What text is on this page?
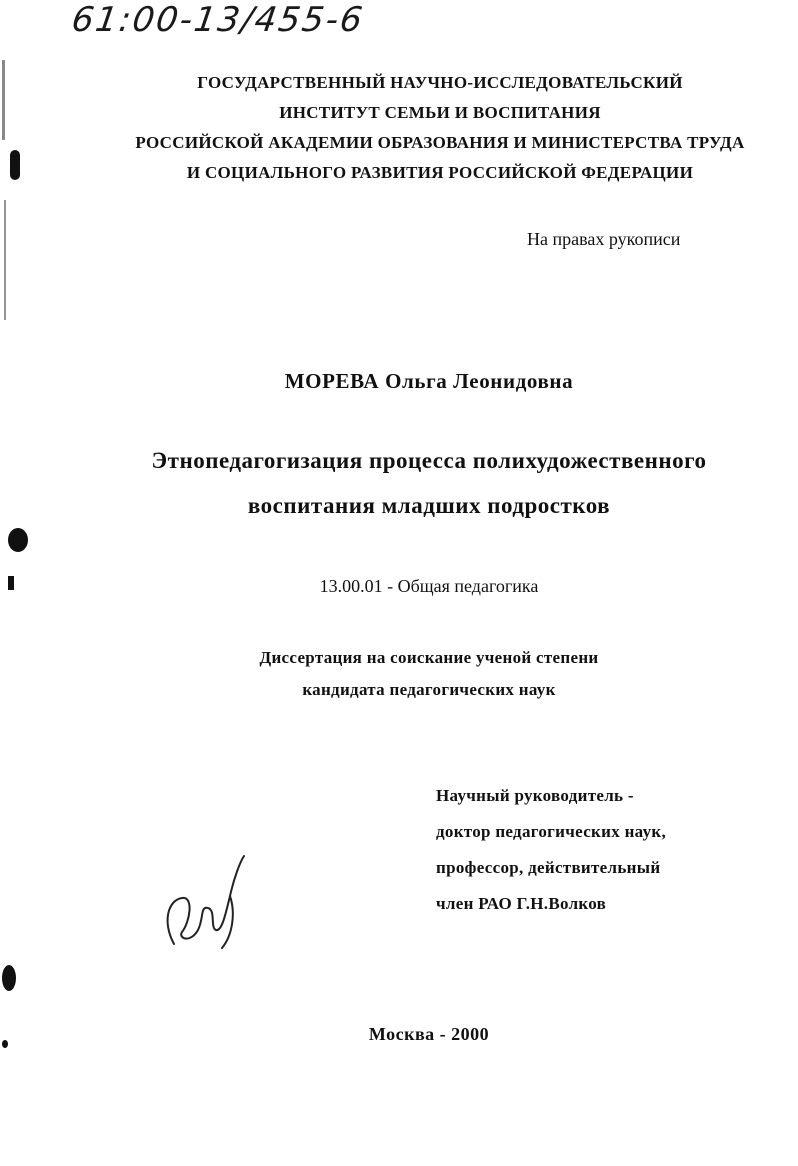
61:00-13/455-6
ГОСУДАРСТВЕННЫЙ НАУЧНО-ИССЛЕДОВАТЕЛЬСКИЙ
ИНСТИТУТ СЕМЬИ И ВОСПИТАНИЯ
РОССИЙСКОЙ АКАДЕМИИ ОБРАЗОВАНИЯ И МИНИСТЕРСТВА ТРУДА
И СОЦИАЛЬНОГО РАЗВИТИЯ РОССИЙСКОЙ ФЕДЕРАЦИИ
На правах рукописи
МОРЕВА Ольга Леонидовна
Этнопедагогизация процесса полихудожественного
воспитания младших подростков
13.00.01 - Общая педагогика
Диссертация на соискание ученой степени
кандидата педагогических наук
Научный руководитель -
доктор педагогических наук,
профессор, действительный
член РАО Г.Н.Волков
Москва - 2000
